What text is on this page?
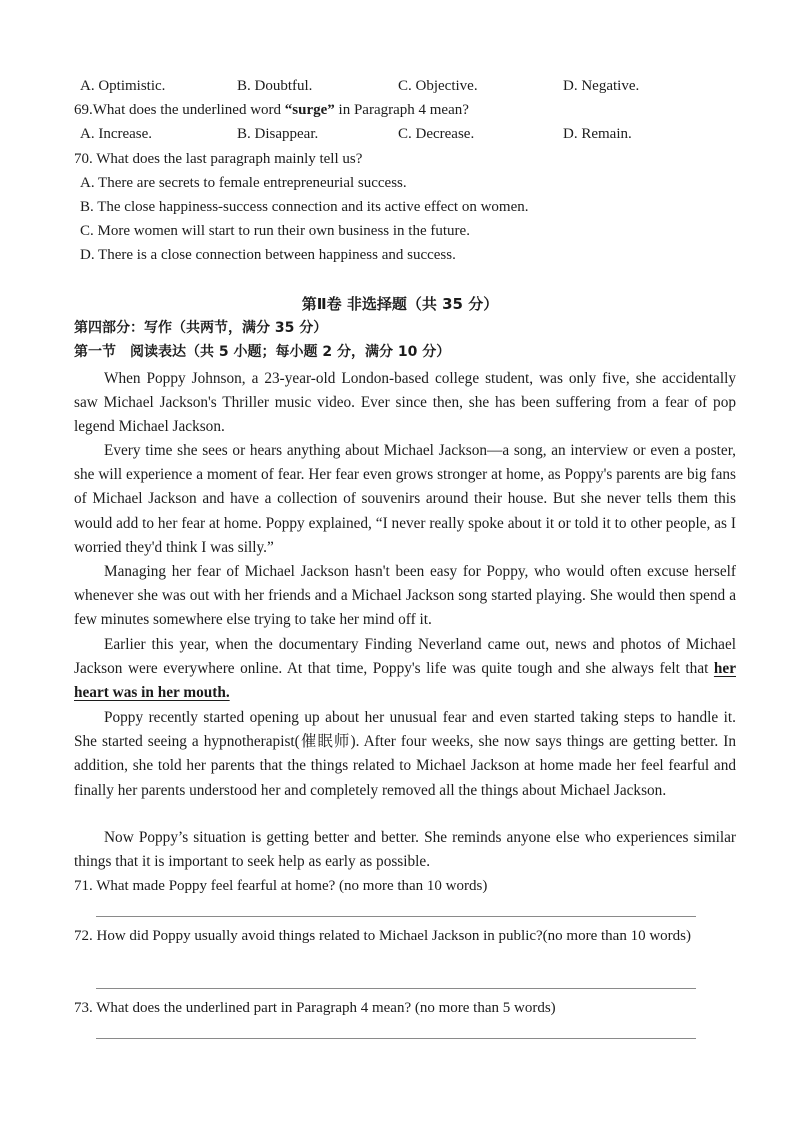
A. Optimistic.	B. Doubtful.	C. Objective.	D. Negative.
69.What does the underlined word “surge” in Paragraph 4 mean?
A. Increase.	B. Disappear.	C. Decrease.	D. Remain.
70. What does the last paragraph mainly tell us?
A. There are secrets to female entrepreneurial success.
B. The close happiness-success connection and its active effect on women.
C. More women will start to run their own business in the future.
D. There is a close connection between happiness and success.
第Ⅱ卷 非选择题（共 35 分）
第四部分：写作（共两节，满分 35 分）
第一节　阅读表达（共 5 小题；每小题 2 分，满分 10 分）
When Poppy Johnson, a 23-year-old London-based college student, was only five, she accidentally saw Michael Jackson's Thriller music video. Ever since then, she has been suffering from a fear of pop legend Michael Jackson.
Every time she sees or hears anything about Michael Jackson—a song, an interview or even a poster, she will experience a moment of fear. Her fear even grows stronger at home, as Poppy's parents are big fans of Michael Jackson and have a collection of souvenirs around their house. But she never tells them this would add to her fear at home. Poppy explained, “I never really spoke about it or told it to other people, as I worried they'd think I was silly.”
Managing her fear of Michael Jackson hasn't been easy for Poppy, who would often excuse herself whenever she was out with her friends and a Michael Jackson song started playing. She would then spend a few minutes somewhere else trying to take her mind off it.
Earlier this year, when the documentary Finding Neverland came out, news and photos of Michael Jackson were everywhere online. At that time, Poppy's life was quite tough and she always felt that her heart was in her mouth.
Poppy recently started opening up about her unusual fear and even started taking steps to handle it. She started seeing a hypnotherapist(催眠师). After four weeks, she now says things are getting better. In addition, she told her parents that the things related to Michael Jackson at home made her feel fearful and finally her parents understood her and completely removed all the things about Michael Jackson.
Now Poppy’s situation is getting better and better. She reminds anyone else who experiences similar things that it is important to seek help as early as possible.
71. What made Poppy feel fearful at home? (no more than 10 words)
72. How did Poppy usually avoid things related to Michael Jackson in public?(no more than 10 words)
73. What does the underlined part in Paragraph 4 mean? (no more than 5 words)
